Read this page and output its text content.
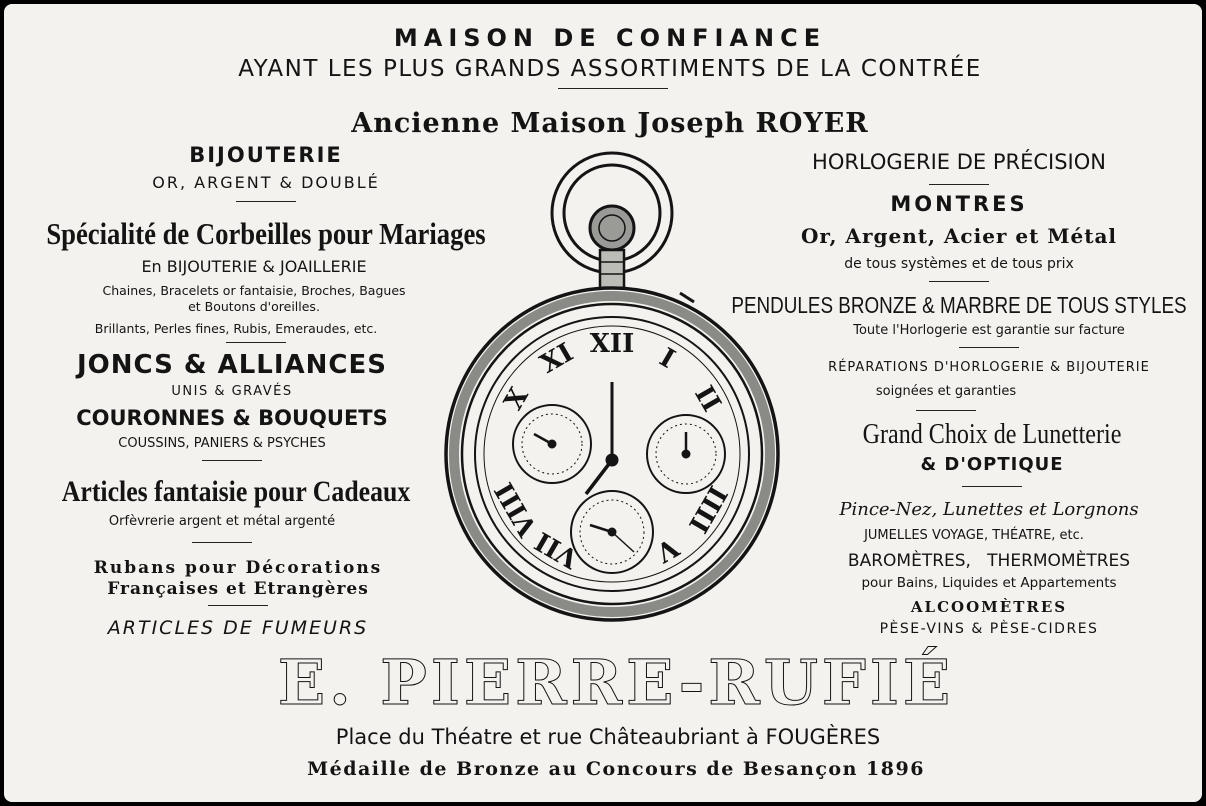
MAISON DE CONFIANCE
AYANT LES PLUS GRANDS ASSORTIMENTS DE LA CONTRÉE
Ancienne Maison Joseph ROYER
BIJOUTERIE
OR, ARGENT & DOUBLÉ
Spécialité de Corbeilles pour Mariages
En BIJOUTERIE & JOAILLERIE
Chaines, Bracelets or fantaisie, Broches, Bagues
et Boutons d'oreilles.
Brillants, Perles fines, Rubis, Emeraudes, etc.
JONCS & ALLIANCES
UNIS & GRAVÉS
COURONNES & BOUQUETS
COUSSINS, PANIERS & PSYCHES
Articles fantaisie pour Cadeaux
Orfèvrerie argent et métal argenté
Rubans pour Décorations
Françaises et Etrangères
ARTICLES DE FUMEURS
HORLOGERIE DE PRÉCISION
MONTRES
Or, Argent, Acier et Métal
de tous systèmes et de tous prix
PENDULES BRONZE & MARBRE DE TOUS STYLES
Toute l'Horlogerie est garantie sur facture
RÉPARATIONS D'HORLOGERIE & BIJOUTERIE
soignées et garanties
Grand Choix de Lunetterie
& D'OPTIQUE
Pince-Nez, Lunettes et Lorgnons
JUMELLES VOYAGE, THÉATRE, etc.
BAROMÈTRES,   THERMOMÈTRES
pour Bains, Liquides et Appartements
ALCOOMÈTRES
PÈSE-VINS & PÈSE-CIDRES
E. PIERRE-RUFIÉ
Place du Théatre et rue Châteaubriant à FOUGÈRES
Médaille de Bronze au Concours de Besançon 1896
XII I
II
IIII
V
VII
VIII
X
XI
